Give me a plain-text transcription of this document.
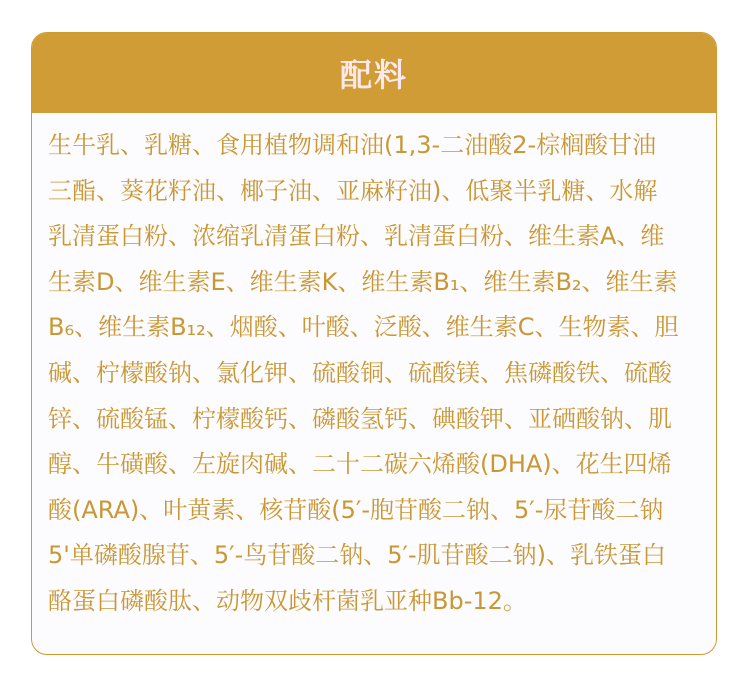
配料
生牛乳、乳糖、食用植物调和油(1,3-二油酸2-棕榈酸甘油
三酯、葵花籽油、椰子油、亚麻籽油)、低聚半乳糖、水解
乳清蛋白粉、浓缩乳清蛋白粉、乳清蛋白粉、维生素A、维
生素D、维生素E、维生素K、维生素B₁、维生素B₂、维生素
B₆、维生素B₁₂、烟酸、叶酸、泛酸、维生素C、生物素、胆
碱、柠檬酸钠、氯化钾、硫酸铜、硫酸镁、焦磷酸铁、硫酸
锌、硫酸锰、柠檬酸钙、磷酸氢钙、碘酸钾、亚硒酸钠、肌
醇、牛磺酸、左旋肉碱、二十二碳六烯酸(DHA)、花生四烯
酸(ARA)、叶黄素、核苷酸(5′-胞苷酸二钠、5′-尿苷酸二钠
5'单磷酸腺苷、5′-鸟苷酸二钠、5′-肌苷酸二钠)、乳铁蛋白
酪蛋白磷酸肽、动物双歧杆菌乳亚种Bb-12。
